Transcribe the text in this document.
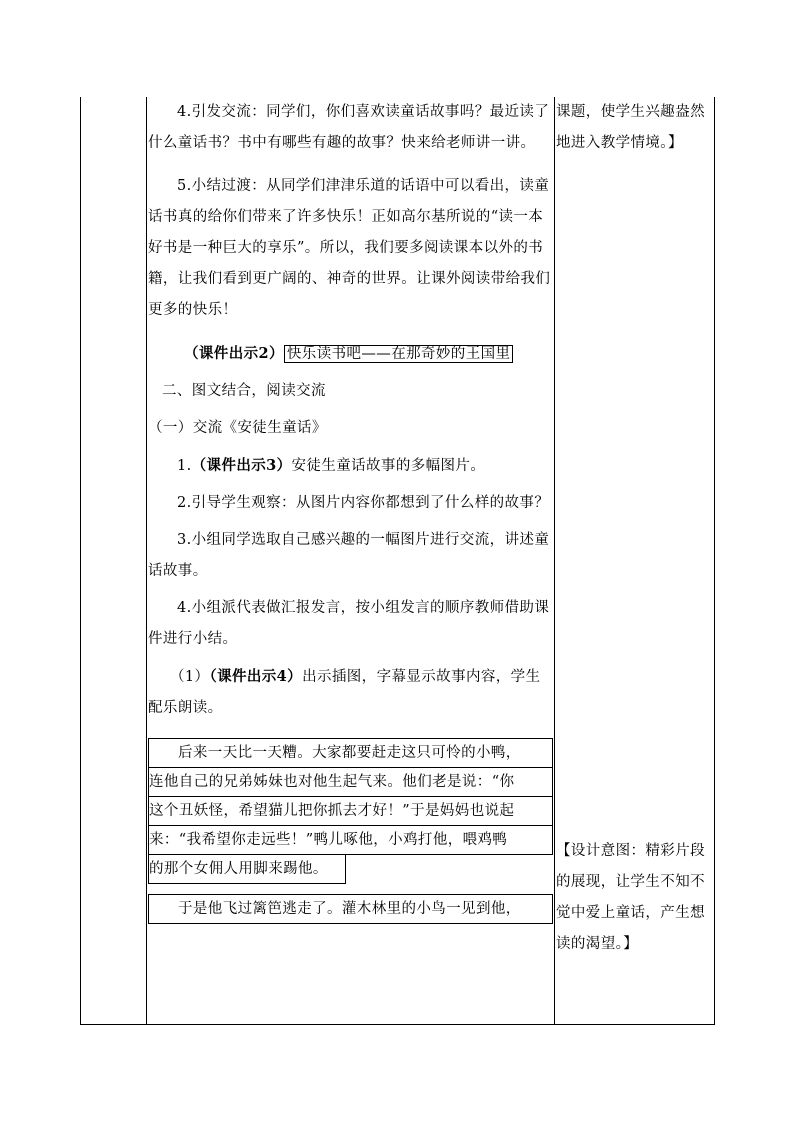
4.引发交流：同学们，你们喜欢读童话故事吗？最近读了什么童话书？书中有哪些有趣的故事？快来给老师讲一讲。

5.小结过渡：从同学们津津乐道的话语中可以看出，读童话书真的给你们带来了许多快乐！正如高尔基所说的“读一本好书是一种巨大的享乐”。所以，我们要多阅读课本以外的书籍，让我们看到更广阔的、神奇的世界。让课外阅读带给我们更多的快乐！

（课件出示2） 快乐读书吧——在那奇妙的王国里

二、图文结合，阅读交流

（一）交流《安徒生童话》

1.（课件出示3）安徒生童话故事的多幅图片。

2.引导学生观察：从图片内容你都想到了什么样的故事？

3.小组同学选取自己感兴趣的一幅图片进行交流，讲述童话故事。

4.小组派代表做汇报发言，按小组发言的顺序教师借助课件进行小结。

（1）（课件出示4）出示插图，字幕显示故事内容，学生配乐朗读。

后来一天比一天糟。大家都要赶走这只可怜的小鸭， 连他自己的兄弟姊妹也对他生起气来。他们老是说：“你 这个丑妖怪，希望猫儿把你抓去才好！”于是妈妈也说起 来：“我希望你走远些！”鸭儿啄他，小鸡打他，喂鸡鸭 的那个女佣人用脚来踢他。
于是他飞过篱笆逃走了。灌木林里的小鸟一见到他，

课题，使学生兴趣盎然地进入教学情境。】

【设计意图：精彩片段的展现，让学生不知不觉中爱上童话，产生想读的渴望。】
